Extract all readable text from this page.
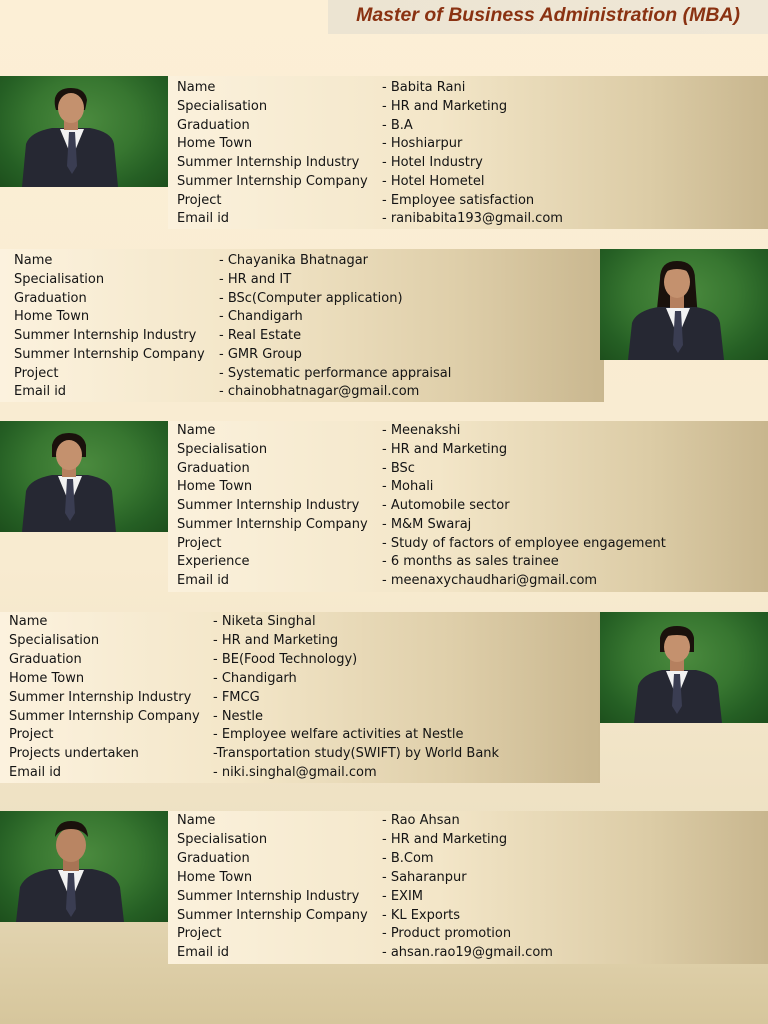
Master of Business Administration (MBA)
Name	- Babita Rani
Specialisation	- HR and Marketing
Graduation	- B.A
Home Town	- Hoshiarpur
Summer Internship Industry - Hotel Industry
Summer Internship Company - Hotel Hometel
Project	- Employee satisfaction
Email id	- ranibabita193@gmail.com
Name	- Chayanika Bhatnagar
Specialisation	- HR and IT
Graduation	- BSc(Computer application)
Home Town	- Chandigarh
Summer Internship Industry - Real Estate
Summer Internship Company - GMR Group
Project	- Systematic performance appraisal
Email id	- chainobhatnagar@gmail.com
Name	- Meenakshi
Specialisation	- HR and Marketing
Graduation	- BSc
Home Town	- Mohali
Summer Internship Industry - Automobile sector
Summer Internship Company - M&M Swaraj
Project	- Study of factors of employee engagement
Experience	- 6 months as sales trainee
Email id	- meenaxychaudhari@gmail.com
Name	- Niketa Singhal
Specialisation	- HR and Marketing
Graduation	- BE(Food Technology)
Home Town	- Chandigarh
Summer Internship Industry - FMCG
Summer Internship Company - Nestle
Project	- Employee welfare activities at Nestle
Projects undertaken	-Transportation study(SWIFT) by World Bank
Email id	- niki.singhal@gmail.com
Name	- Rao Ahsan
Specialisation	- HR and Marketing
Graduation	- B.Com
Home Town	- Saharanpur
Summer Internship Industry - EXIM
Summer Internship Company - KL Exports
Project	- Product promotion
Email id	- ahsan.rao19@gmail.com
